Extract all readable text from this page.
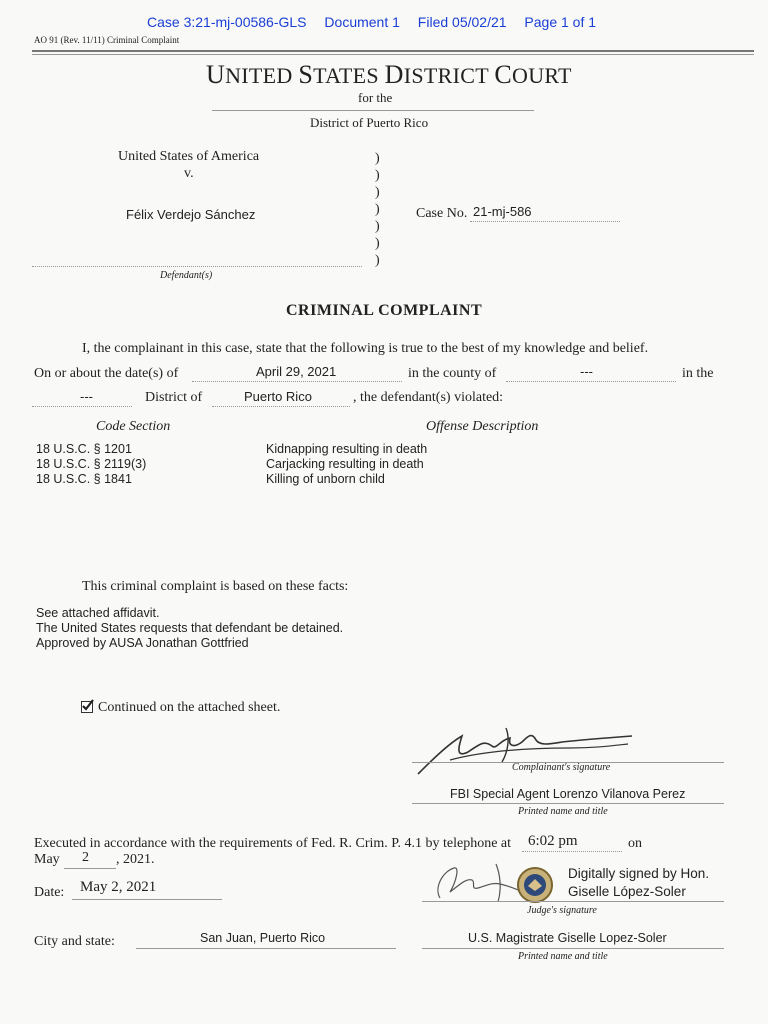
Case 3:21-mj-00586-GLS Document 1 Filed 05/02/21 Page 1 of 1
AO 91 (Rev. 11/11) Criminal Complaint
UNITED STATES DISTRICT COURT
for the
District of Puerto Rico
United States of America
v.
Félix Verdejo Sánchez
Defendant(s)
)
)
)
)
)
)
)
Case No. 21-mj-586
CRIMINAL COMPLAINT
I, the complainant in this case, state that the following is true to the best of my knowledge and belief.
On or about the date(s) of	April 29, 2021	in the county of	---	in the
---	District of	Puerto Rico	, the defendant(s) violated:
Code Section	Offense Description
18 U.S.C. § 1201	Kidnapping resulting in death
18 U.S.C. § 2119(3)	Carjacking resulting in death
18 U.S.C. § 1841	Killing of unborn child
This criminal complaint is based on these facts:
See attached affidavit.
The United States requests that defendant be detained.
Approved by AUSA Jonathan Gottfried
Continued on the attached sheet.
Complainant's signature
FBI Special Agent Lorenzo Vilanova Perez
Printed name and title
Executed in accordance with the requirements of Fed. R. Crim. P. 4.1 by telephone at 6:02 pm	on
May 2 , 2021.
Date: May 2, 2021
Digitally signed by Hon.
Giselle López-Soler
Judge's signature
City and state:	San Juan, Puerto Rico	U.S. Magistrate Giselle Lopez-Soler
Printed name and title
